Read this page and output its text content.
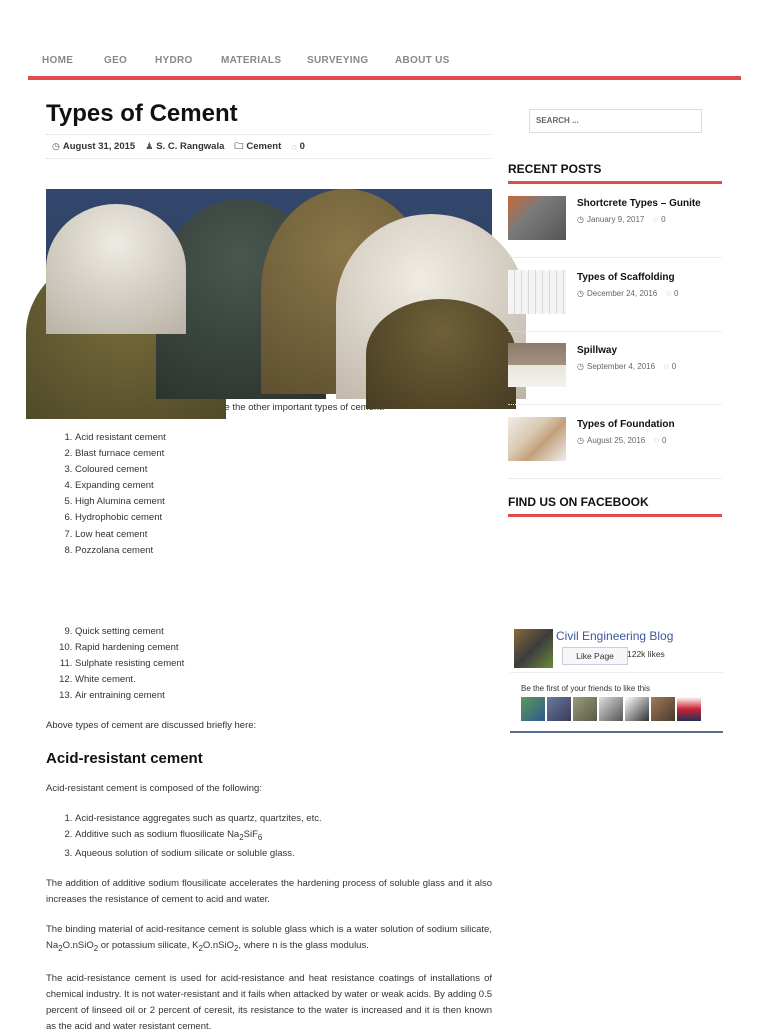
HOME	GEO	HYDRO	MATERIALS	SURVEYING	ABOUT US
Types of Cement
◷ August 31, 2015 ♟ S. C. Rangwala 🗀 Cement ◌ 0

the other important types of

1. Acid resistant cement
2. Blast furnace cement
3. Coloured cement
4. Expanding cement
5. High Alumina cement
6. Hydrophobic cement
7. Low heat cement
8. Pozzolana cement
9. Quick setting cement
10. Rapid hardening cement
11. Sulphate resisting cement
12. White cement.
13. Air entraining cement

Above types of cement are discussed briefly here:

Acid-resistant cement

Acid-resistant cement is composed of the following:

1. Acid-resistance aggregates such as quartz, quartzites, etc.
2. Additive such as sodium fluosilicate $Na_2SiF_6$
3. Aqueous solution of sodium silicate or soluble glass.

The addition of additive sodium flousilicate accelerates the hardening process of soluble glass and it also increases the resistance of cement to acid and water.

The binding material of acid-resitance cement is soluble glass which is a water solution of sodium silicate, $Na_2O.nSiO_2$ or potassium silicate, $K_2O.nSiO_2$, where n is the glass modulus.

The acid-resistance cement is used for acid-resistance and heat resistance coatings of installations of chemical industry. It is not water-resistant and it fails when attacked by water or weak acids. By adding 0.5 percent of linseed oil or 2 percent of ceresit, its resistance to the water is increased and it is then known as the acid and water resistant cement.

SEARCH ...
RECENT POSTS
Shortcrete Types – Gunite
◷ January 9, 2017 ◌ 0
Types of Scaffolding
◷ December 24, 2016 ◌ 0
Spillway
◷ September 4, 2016 ◌ 0
Types of Foundation
◷ August 25, 2016 ◌ 0
FIND US ON FACEBOOK
Civil Engineering Blog
Like Page	122k likes
Be the first of your friends to like this
